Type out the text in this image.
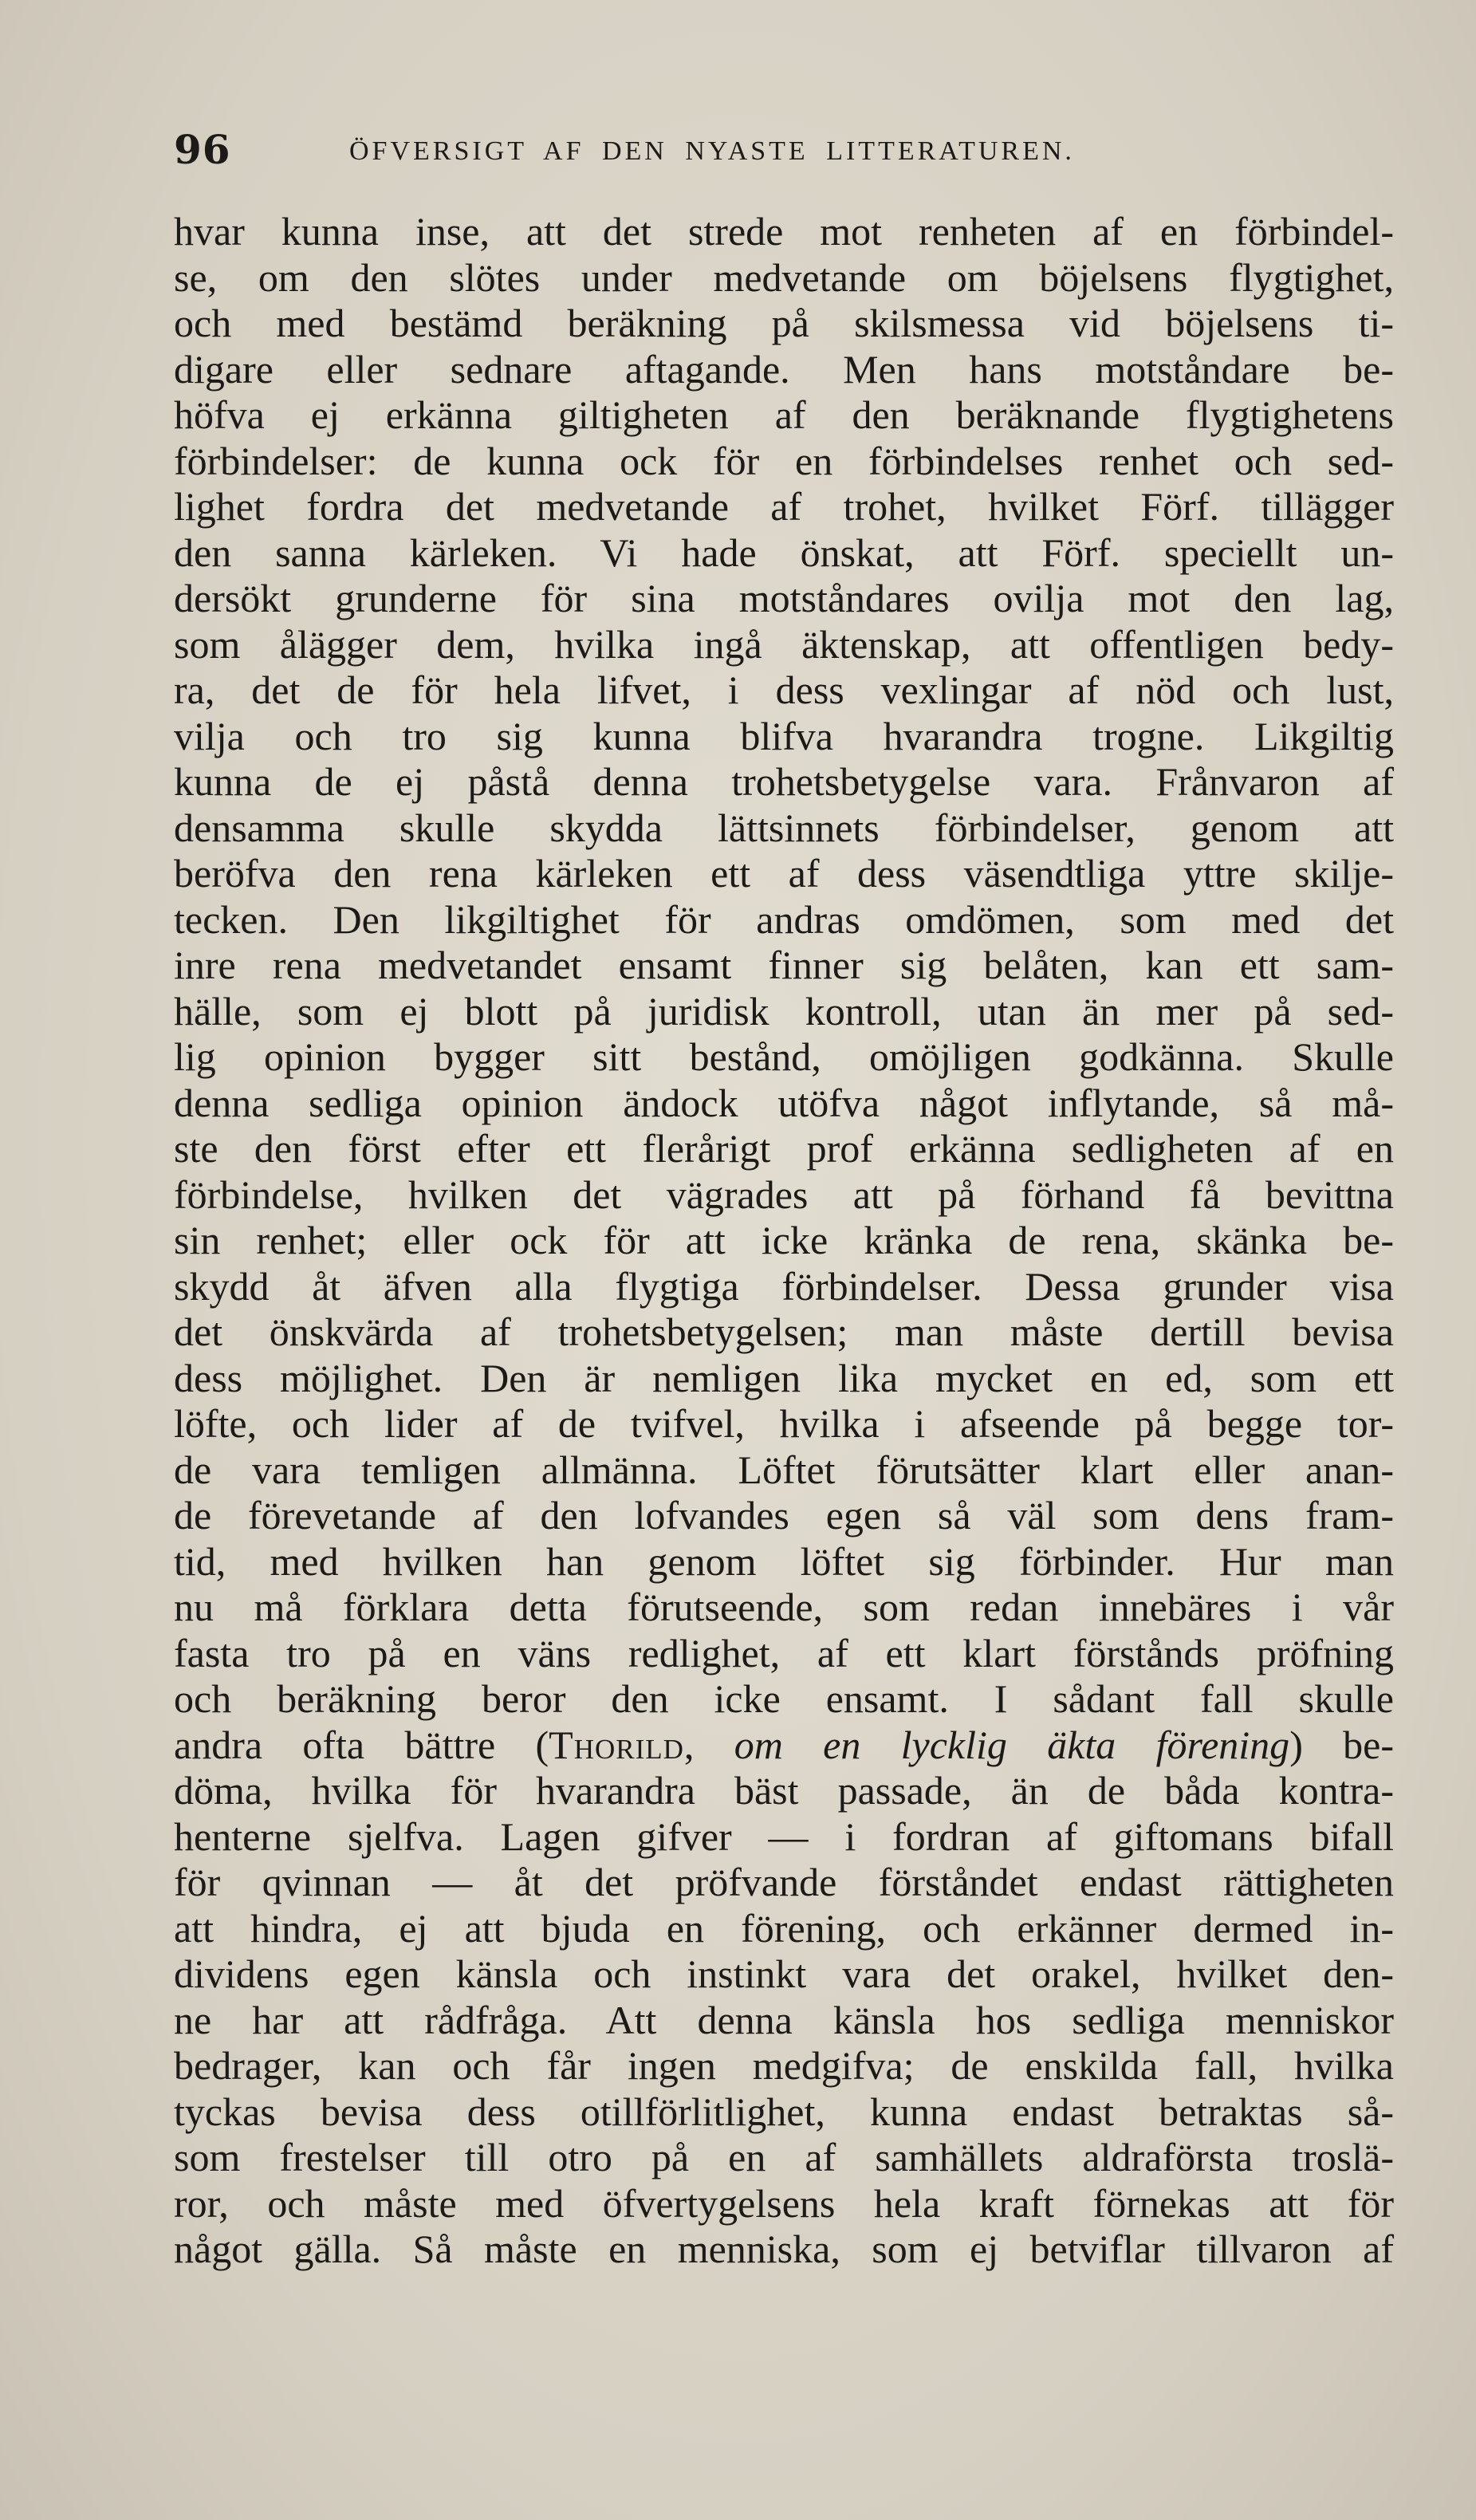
96	ÖFVERSIGT AF DEN NYASTE LITTERATUREN.
hvar kunna inse, att det strede mot renheten af en förbindel-
se, om den slötes under medvetande om böjelsens flygtighet,
och med bestämd beräkning på skilsmessa vid böjelsens ti-
digare eller sednare aftagande. Men hans motståndare be-
höfva ej erkänna giltigheten af den beräknande flygtighetens
förbindelser: de kunna ock för en förbindelses renhet och sed-
lighet fordra det medvetande af trohet, hvilket Förf. tillägger
den sanna kärleken. Vi hade önskat, att Förf. speciellt un-
dersökt grunderne för sina motståndares ovilja mot den lag,
som ålägger dem, hvilka ingå äktenskap, att offentligen bedy-
ra, det de för hela lifvet, i dess vexlingar af nöd och lust,
vilja och tro sig kunna blifva hvarandra trogne. Likgiltig
kunna de ej påstå denna trohetsbetygelse vara. Frånvaron af
densamma skulle skydda lättsinnets förbindelser, genom att
beröfva den rena kärleken ett af dess väsendtliga yttre skilje-
tecken. Den likgiltighet för andras omdömen, som med det
inre rena medvetandet ensamt finner sig belåten, kan ett sam-
hälle, som ej blott på juridisk kontroll, utan än mer på sed-
lig opinion bygger sitt bestånd, omöjligen godkänna. Skulle
denna sedliga opinion ändock utöfva något inflytande, så må-
ste den först efter ett flerårigt prof erkänna sedligheten af en
förbindelse, hvilken det vägrades att på förhand få bevittna
sin renhet; eller ock för att icke kränka de rena, skänka be-
skydd åt äfven alla flygtiga förbindelser. Dessa grunder visa
det önskvärda af trohetsbetygelsen; man måste dertill bevisa
dess möjlighet. Den är nemligen lika mycket en ed, som ett
löfte, och lider af de tvifvel, hvilka i afseende på begge tor-
de vara temligen allmänna. Löftet förutsätter klart eller anan-
de förevetande af den lofvandes egen så väl som dens fram-
tid, med hvilken han genom löftet sig förbinder. Hur man
nu må förklara detta förutseende, som redan innebäres i vår
fasta tro på en väns redlighet, af ett klart förstånds pröfning
och beräkning beror den icke ensamt. I sådant fall skulle
andra ofta bättre (Thorild, om en lycklig äkta förening) be-
döma, hvilka för hvarandra bäst passade, än de båda kontra-
henterne sjelfva. Lagen gifver — i fordran af giftomans bifall
för qvinnan — åt det pröfvande förståndet endast rättigheten
att hindra, ej att bjuda en förening, och erkänner dermed in-
dividens egen känsla och instinkt vara det orakel, hvilket den-
ne har att rådfråga. Att denna känsla hos sedliga menniskor
bedrager, kan och får ingen medgifva; de enskilda fall, hvilka
tyckas bevisa dess otillförlitlighet, kunna endast betraktas så-
som frestelser till otro på en af samhällets aldraförsta troslä-
ror, och måste med öfvertygelsens hela kraft förnekas att för
något gälla. Så måste en menniska, som ej betviflar tillvaron af
